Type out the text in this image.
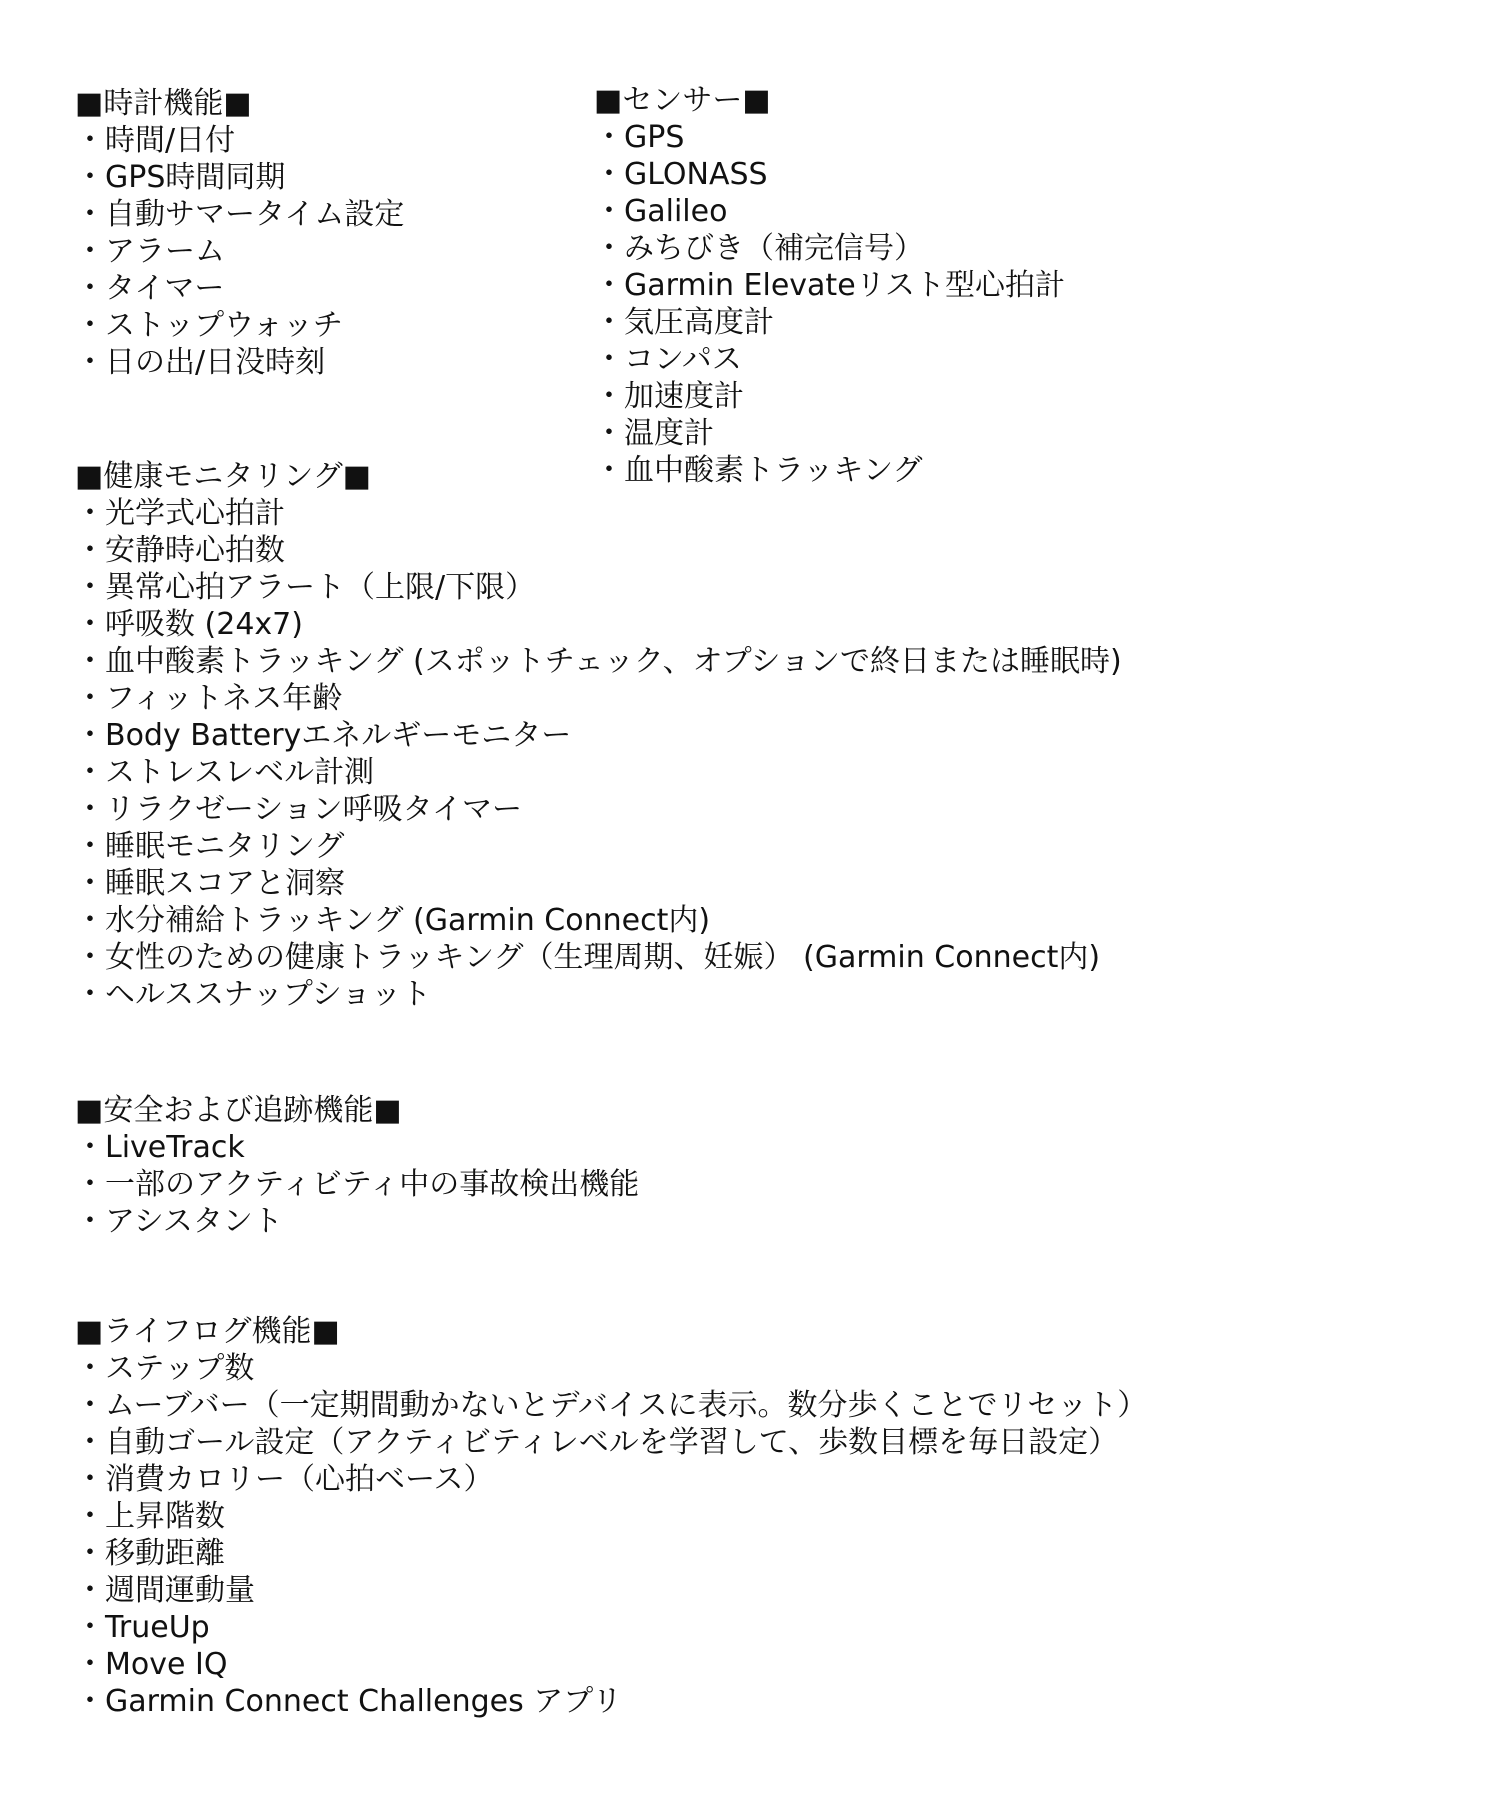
■時計機能■
・時間/日付
・GPS時間同期
・自動サマータイム設定
・アラーム
・タイマー
・ストップウォッチ
・日の出/日没時刻
■センサー■
・GPS
・GLONASS
・Galileo
・みちびき（補完信号）
・Garmin Elevateリスト型心拍計
・気圧高度計
・コンパス
・加速度計
・温度計
・血中酸素トラッキング
■健康モニタリング■
・光学式心拍計
・安静時心拍数
・異常心拍アラート（上限/下限）
・呼吸数 (24x7)
・血中酸素トラッキング (スポットチェック、オプションで終日または睡眠時)
・フィットネス年齢
・Body Batteryエネルギーモニター
・ストレスレベル計測
・リラクゼーション呼吸タイマー
・睡眠モニタリング
・睡眠スコアと洞察
・水分補給トラッキング (Garmin Connect内)
・女性のための健康トラッキング（生理周期、妊娠） (Garmin Connect内)
・ヘルススナップショット
■安全および追跡機能■
・LiveTrack
・一部のアクティビティ中の事故検出機能
・アシスタント
■ライフログ機能■
・ステップ数
・ムーブバー（一定期間動かないとデバイスに表示。数分歩くことでリセット）
・自動ゴール設定（アクティビティレベルを学習して、歩数目標を毎日設定）
・消費カロリー（心拍ベース）
・上昇階数
・移動距離
・週間運動量
・TrueUp
・Move IQ
・Garmin Connect Challenges アプリ
